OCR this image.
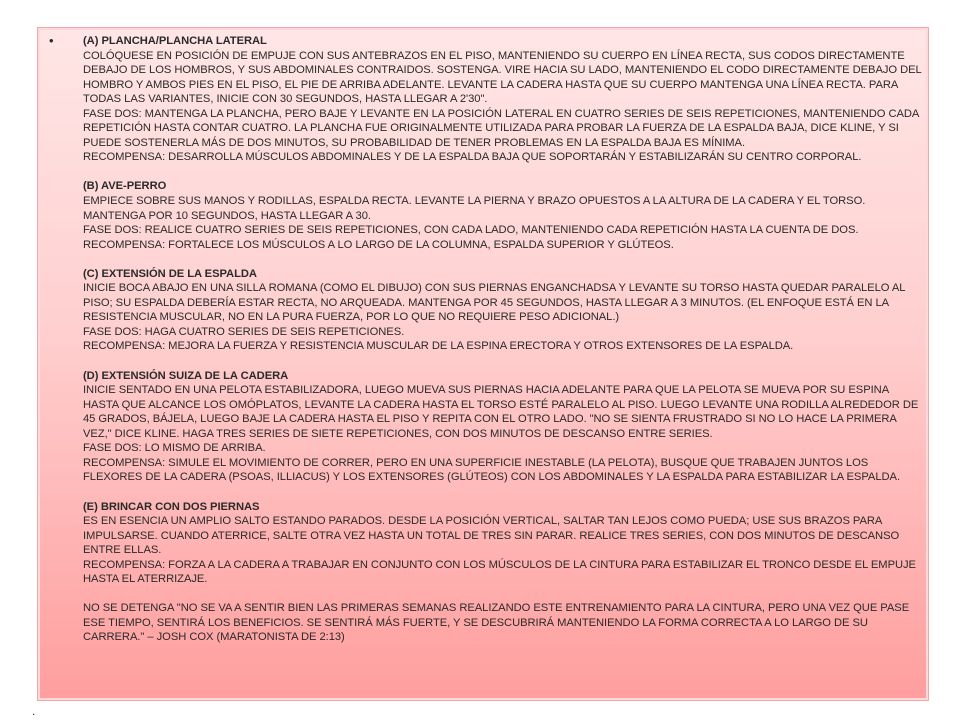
•	(A) PLANCHA/PLANCHA LATERAL
COLÓQUESE EN POSICIÓN DE EMPUJE CON SUS ANTEBRAZOS EN EL PISO, MANTENIENDO SU CUERPO EN LÍNEA RECTA, SUS CODOS DIRECTAMENTE DEBAJO DE LOS HOMBROS, Y SUS ABDOMINALES CONTRAIDOS. SOSTENGA. VIRE HACIA SU LADO, MANTENIENDO EL CODO DIRECTAMENTE DEBAJO DEL HOMBRO Y AMBOS PIES EN EL PISO, EL PIE DE ARRIBA ADELANTE. LEVANTE LA CADERA HASTA QUE SU CUERPO MANTENGA UNA LÍNEA RECTA. PARA TODAS LAS VARIANTES, INICIE CON 30 SEGUNDOS, HASTA LLEGAR A 2'30".
FASE DOS: MANTENGA LA PLANCHA, PERO BAJE Y LEVANTE EN LA POSICIÓN LATERAL EN CUATRO SERIES DE SEIS REPETICIONES, MANTENIENDO CADA REPETICIÓN HASTA CONTAR CUATRO. LA PLANCHA FUE ORIGINALMENTE UTILIZADA PARA PROBAR LA FUERZA DE LA ESPALDA BAJA, DICE KLINE, Y SI PUEDE SOSTENERLA MÁS DE DOS MINUTOS, SU PROBABILIDAD DE TENER PROBLEMAS EN LA ESPALDA BAJA ES MÍNIMA.
RECOMPENSA: DESARROLLA MÚSCULOS ABDOMINALES Y DE LA ESPALDA BAJA QUE SOPORTARÁN Y ESTABILIZARÁN SU CENTRO CORPORAL.
(B) AVE-PERRO
EMPIECE SOBRE SUS MANOS Y RODILLAS, ESPALDA RECTA. LEVANTE LA PIERNA Y BRAZO OPUESTOS A LA ALTURA DE LA CADERA Y EL TORSO. MANTENGA POR 10 SEGUNDOS, HASTA LLEGAR A 30.
FASE DOS: REALICE CUATRO SERIES DE SEIS REPETICIONES, CON CADA LADO, MANTENIENDO CADA REPETICIÓN HASTA LA CUENTA DE DOS.
RECOMPENSA: FORTALECE LOS MÚSCULOS A LO LARGO DE LA COLUMNA, ESPALDA SUPERIOR Y GLÚTEOS.
(C) EXTENSIÓN DE LA ESPALDA
INICIE BOCA ABAJO EN UNA SILLA ROMANA (COMO EL DIBUJO) CON SUS PIERNAS ENGANCHADSA Y LEVANTE SU TORSO HASTA QUEDAR PARALELO AL PISO; SU ESPALDA DEBERÍA ESTAR RECTA, NO ARQUEADA. MANTENGA POR 45 SEGUNDOS, HASTA LLEGAR A 3 MINUTOS. (EL ENFOQUE ESTÁ EN LA RESISTENCIA MUSCULAR, NO EN LA PURA FUERZA, POR LO QUE NO REQUIERE PESO ADICIONAL.)
FASE DOS: HAGA CUATRO SERIES DE SEIS REPETICIONES.
RECOMPENSA: MEJORA LA FUERZA Y RESISTENCIA MUSCULAR DE LA ESPINA ERECTORA Y OTROS EXTENSORES DE LA ESPALDA.
(D) EXTENSIÓN SUIZA DE LA CADERA
INICIE SENTADO EN UNA PELOTA ESTABILIZADORA, LUEGO MUEVA SUS PIERNAS HACIA ADELANTE PARA QUE LA PELOTA SE MUEVA POR SU ESPINA HASTA QUE ALCANCE LOS OMÓPLATOS, LEVANTE LA CADERA HASTA EL TORSO ESTÉ PARALELO AL PISO. LUEGO LEVANTE UNA RODILLA ALREDEDOR DE 45 GRADOS, BÁJELA, LUEGO BAJE LA CADERA HASTA EL PISO Y REPITA CON EL OTRO LADO. "NO SE SIENTA FRUSTRADO SI NO LO HACE LA PRIMERA VEZ," DICE KLINE. HAGA TRES SERIES DE SIETE REPETICIONES, CON DOS MINUTOS DE DESCANSO ENTRE SERIES.
FASE DOS: LO MISMO DE ARRIBA.
RECOMPENSA: SIMULE EL MOVIMIENTO DE CORRER, PERO EN UNA SUPERFICIE INESTABLE (LA PELOTA), BUSQUE QUE TRABAJEN JUNTOS LOS FLEXORES DE LA CADERA (PSOAS, ILLIACUS) Y LOS EXTENSORES (GLÚTEOS) CON LOS ABDOMINALES Y LA ESPALDA PARA ESTABILIZAR LA ESPALDA.
(E) BRINCAR CON DOS PIERNAS
ES EN ESENCIA UN AMPLIO SALTO ESTANDO PARADOS. DESDE LA POSICIÓN VERTICAL, SALTAR TAN LEJOS COMO PUEDA; USE SUS BRAZOS PARA IMPULSARSE. CUANDO ATERRICE, SALTE OTRA VEZ HASTA UN TOTAL DE TRES SIN PARAR. REALICE TRES SERIES, CON DOS MINUTOS DE DESCANSO ENTRE ELLAS.
RECOMPENSA: FORZA A LA CADERA A TRABAJAR EN CONJUNTO CON LOS MÚSCULOS DE LA CINTURA PARA ESTABILIZAR EL TRONCO DESDE EL EMPUJE HASTA EL ATERRIZAJE.
NO SE DETENGA "NO SE VA A SENTIR BIEN LAS PRIMERAS SEMANAS REALIZANDO ESTE ENTRENAMIENTO PARA LA CINTURA, PERO UNA VEZ QUE PASE ESE TIEMPO, SENTIRÁ LOS BENEFICIOS. SE SENTIRÁ MÁS FUERTE, Y SE DESCUBRIRÁ MANTENIENDO LA FORMA CORRECTA A LO LARGO DE SU CARRERA." – JOSH COX (MARATONISTA DE 2:13)
.
